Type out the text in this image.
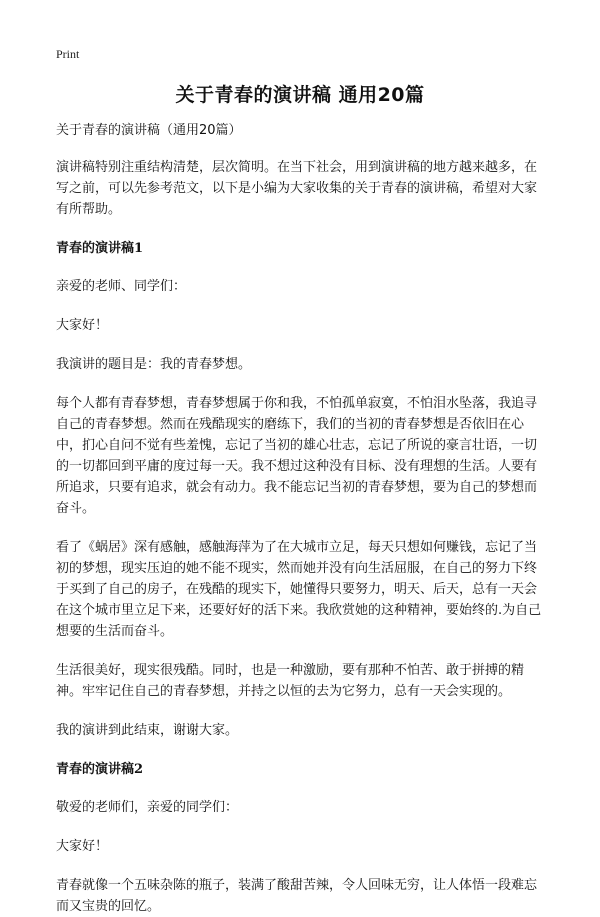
Print
关于青春的演讲稿 通用20篇

关于青春的演讲稿（通用20篇）

演讲稿特别注重结构清楚，层次简明。在当下社会，用到演讲稿的地方越来越多，在写之前，可以先参考范文，以下是小编为大家收集的关于青春的演讲稿，希望对大家有所帮助。

青春的演讲稿1

亲爱的老师、同学们：

大家好！

我演讲的题目是：我的青春梦想。

每个人都有青春梦想，青春梦想属于你和我，不怕孤单寂寞，不怕泪水坠落，我追寻自己的青春梦想。然而在残酷现实的磨练下，我们的当初的青春梦想是否依旧在心中，扪心自问不觉有些羞愧，忘记了当初的雄心壮志，忘记了所说的豪言壮语，一切的一切都回到平庸的度过每一天。我不想过这种没有目标、没有理想的生活。人要有所追求，只要有追求，就会有动力。我不能忘记当初的青春梦想，要为自己的梦想而奋斗。

看了《蜗居》深有感触，感触海萍为了在大城市立足，每天只想如何赚钱，忘记了当初的梦想，现实压迫的她不能不现实，然而她并没有向生活屈服，在自己的努力下终于买到了自己的房子，在残酷的现实下，她懂得只要努力，明天、后天，总有一天会在这个城市里立足下来，还要好好的活下来。我欣赏她的这种精神，要始终的.为自己想要的生活而奋斗。

生活很美好，现实很残酷。同时，也是一种激励，要有那种不怕苦、敢于拼搏的精神。牢牢记住自己的青春梦想，并持之以恒的去为它努力，总有一天会实现的。

我的演讲到此结束，谢谢大家。

青春的演讲稿2

敬爱的老师们，亲爱的同学们：

大家好！

青春就像一个五味杂陈的瓶子，装满了酸甜苦辣，令人回味无穷，让人体悟一段难忘而又宝贵的回忆。
